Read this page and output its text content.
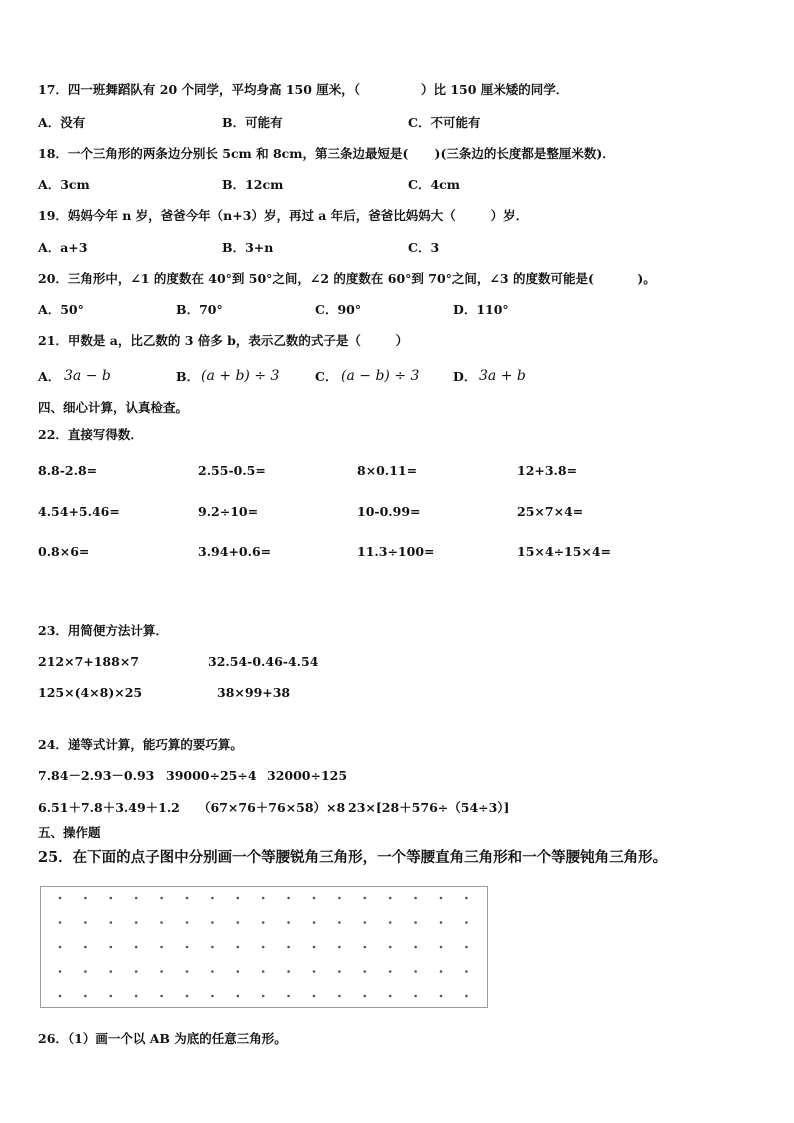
17．四一班舞蹈队有 20 个同学，平均身高 150 厘米，（              ）比 150 厘米矮的同学．
A．没有	B．可能有	C．不可能有
18．一个三角形的两条边分别长 5cm 和 8cm，第三条边最短是(      )(三条边的长度都是整厘米数)．
A．3cm	B．12cm	C．4cm
19．妈妈今年 n 岁，爸爸今年（n+3）岁，再过 a 年后，爸爸比妈妈大（        ）岁．
A．a+3	B．3+n	C．3
20．三角形中，∠1 的度数在 40°到 50°之间，∠2 的度数在 60°到 70°之间，∠3 的度数可能是(          )。
A．50°	B．70°	C．90°	D．110°
21．甲数是 a，比乙数的 3 倍多 b，表示乙数的式子是（        ）
A． 3a − b	B． (a + b) ÷ 3	C． (a − b) ÷ 3	D． 3a + b
四、细心计算，认真检查。
22．直接写得数．
8.8-2.8=	2.55-0.5=	8×0.11=	12+3.8=
4.54+5.46=	9.2÷10=	10-0.99=	25×7×4=
0.8×6=	3.94+0.6=	11.3÷100=	15×4÷15×4=
23．用简便方法计算．
212×7+188×7	32.54-0.46-4.54
125×(4×8)×25	38×99+38
24．递等式计算，能巧算的要巧算。
7.84－2.93－0.93 39000÷25÷4 32000÷125
6.51＋7.8＋3.49＋1.2 （67×76＋76×58）×8 23×[28＋576÷（54÷3）]
五、操作题
25．在下面的点子图中分别画一个等腰锐角三角形，一个等腰直角三角形和一个等腰钝角三角形。
26．（1）画一个以 AB 为底的任意三角形。
